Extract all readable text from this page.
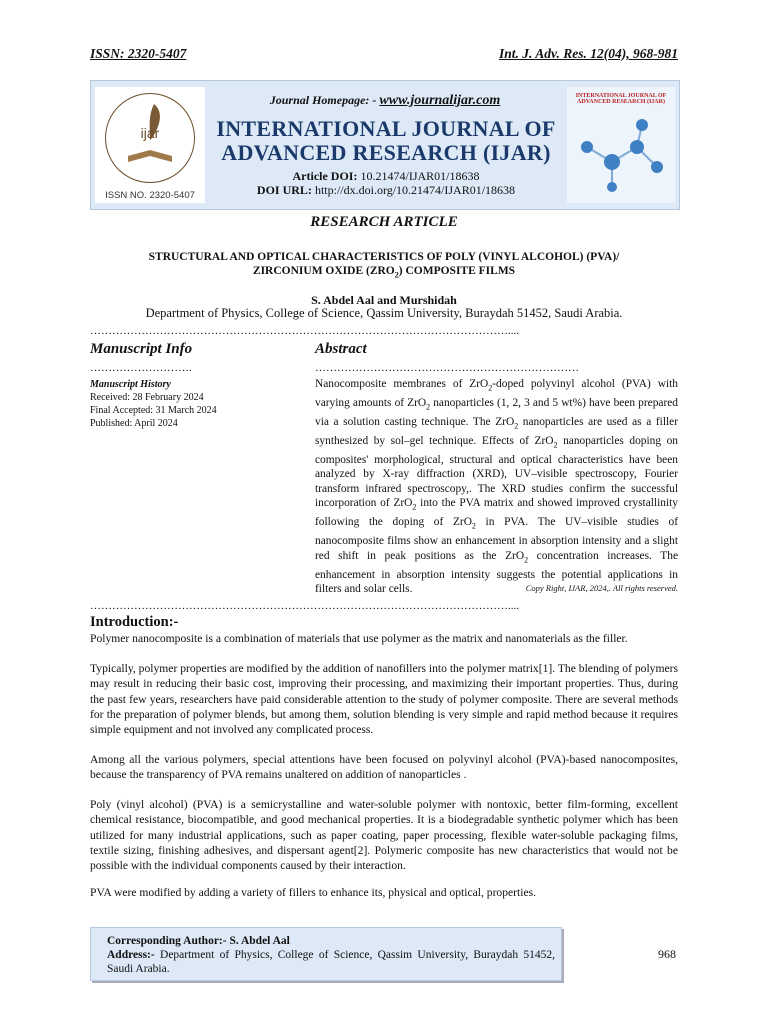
ISSN: 2320-5407	Int. J. Adv. Res. 12(04), 968-981
ijar
ISSN NO. 2320-5407
Journal Homepage: - www.journalijar.com
INTERNATIONAL JOURNAL OF ADVANCED RESEARCH (IJAR)
Article DOI: 10.21474/IJAR01/18638
DOI URL: http://dx.doi.org/10.21474/IJAR01/18638
INTERNATIONAL JOURNAL OF ADVANCED RESEARCH (IJAR)
RESEARCH ARTICLE
STRUCTURAL AND OPTICAL CHARACTERISTICS OF POLY (VINYL ALCOHOL) (PVA)/
ZIRCONIUM OXIDE $(ZRO_2)$ COMPOSITE FILMS
S. Abdel Aal and Murshidah
Department of Physics, College of Science, Qassim University, Buraydah 51452, Saudi Arabia.
……………………………………………………………………………………………………....
Manuscript Info
……………………….
Manuscript History
Received: 28 February 2024
Final Accepted: 31 March 2024
Published: April 2024
Abstract
………………………………………………………………
Nanocomposite membranes of ZrO$_2$-doped polyvinyl alcohol (PVA) with varying amounts of ZrO$_2$ nanoparticles (1, 2, 3 and 5 wt%) have been prepared via a solution casting technique. The ZrO$_2$ nanoparticles are used as a filler synthesized by sol–gel technique. Effects of ZrO$_2$ nanoparticles doping on composites' morphological, structural and optical characteristics have been analyzed by X-ray diffraction (XRD), UV–visible spectroscopy, Fourier transform infrared spectroscopy,. The XRD studies confirm the successful incorporation of ZrO$_2$ into the PVA matrix and showed improved crystallinity following the doping of ZrO$_2$ in PVA. The UV–visible studies of nanocomposite films show an enhancement in absorption intensity and a slight red shift in peak positions as the ZrO$_2$ concentration increases. The enhancement in absorption intensity suggests the potential applications in filters and solar cells.	Copy Right, IJAR, 2024,. All rights reserved.
……………………………………………………………………………………………………....
Introduction:-
Polymer nanocomposite is a combination of materials that use polymer as the matrix and nanomaterials as the filler.
Typically, polymer properties are modified by the addition of nanofillers into the polymer matrix[1]. The blending of polymers may result in reducing their basic cost, improving their processing, and maximizing their important properties. Thus, during the past few years, researchers have paid considerable attention to the study of polymer composite. There are several methods for the preparation of polymer blends, but among them, solution blending is very simple and rapid method because it requires simple equipment and not involved any complicated process.
Among all the various polymers, special attentions have been focused on polyvinyl alcohol (PVA)-based nanocomposites, because the transparency of PVA remains unaltered on addition of nanoparticles .
Poly (vinyl alcohol) (PVA) is a semicrystalline and water-soluble polymer with nontoxic, better film-forming, excellent chemical resistance, biocompatible, and good mechanical properties. It is a biodegradable synthetic polymer which has been utilized for many industrial applications, such as paper coating, paper processing, flexible water-soluble packaging films, textile sizing, finishing adhesives, and dispersant agent[2]. Polymeric composite has new characteristics that would not be possible with the individual components caused by their interaction.
PVA were modified by adding a variety of fillers to enhance its, physical and optical, properties.
Corresponding Author:- S. Abdel Aal
Address:- Department of Physics, College of Science, Qassim University, Buraydah 51452, Saudi Arabia.
968
